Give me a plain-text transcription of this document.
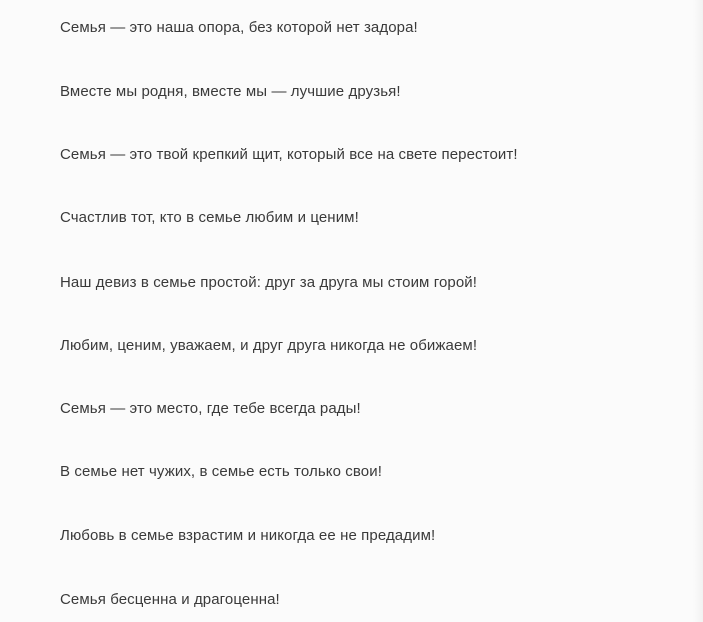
Семья — это наша опора, без которой нет задора!
Вместе мы родня, вместе мы — лучшие друзья!
Семья — это твой крепкий щит, который все на свете перестоит!
Счастлив тот, кто в семье любим и ценим!
Наш девиз в семье простой: друг за друга мы стоим горой!
Любим, ценим, уважаем, и друг друга никогда не обижаем!
Семья — это место, где тебе всегда рады!
В семье нет чужих, в семье есть только свои!
Любовь в семье взрастим и никогда ее не предадим!
Семья бесценна и драгоценна!
